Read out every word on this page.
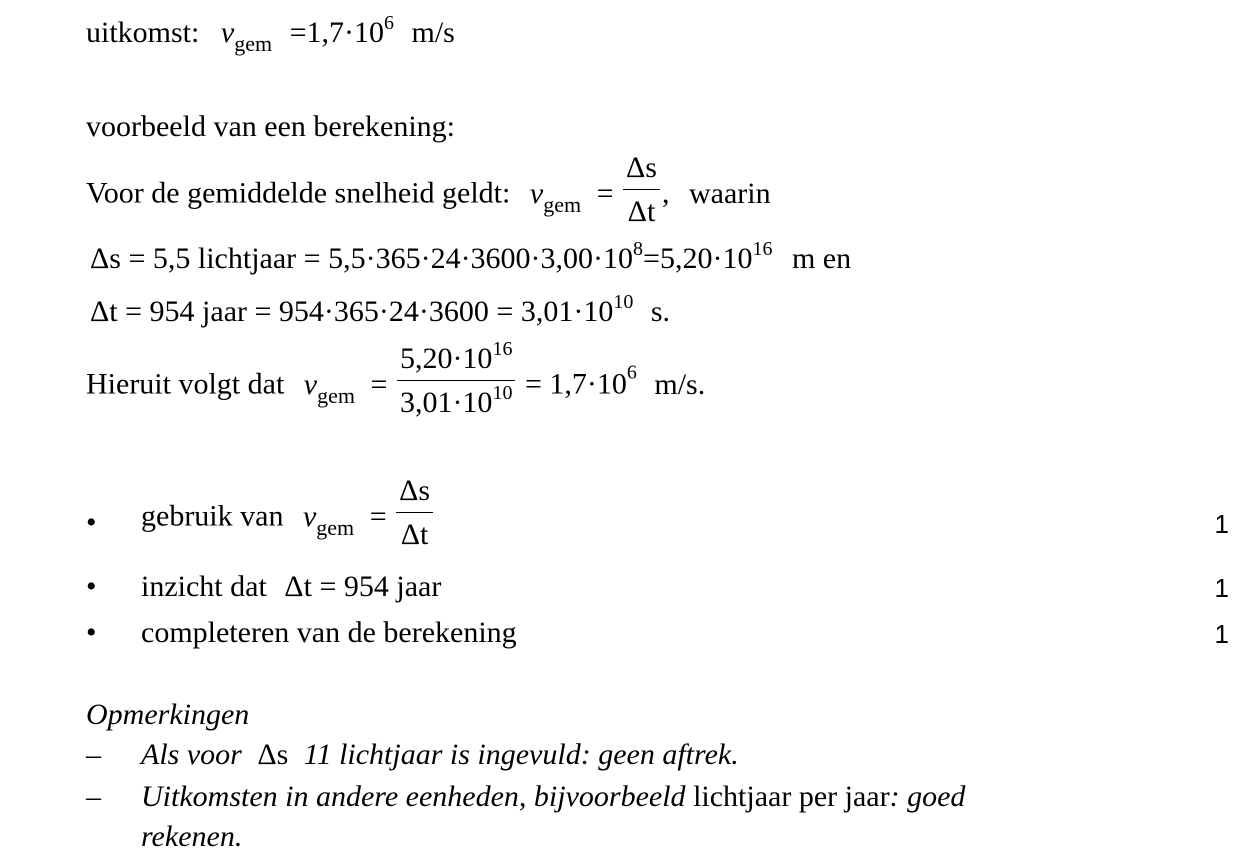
uitkomst: $v_{gem} =1,7\cdot 10^6$ m/s
voorbeeld van een berekening:
Voor de gemiddelde snelheid geldt: $v_{gem} = \frac{\Delta s}{\Delta t}$ , waarin
Δs = 5,5 lichtjaar = $5,5\cdot 365\cdot 24\cdot 3600\cdot 3,00\cdot 10^8=5,20\cdot 10^{16}$ m en
Δt = 954 jaar = $954\cdot 365\cdot 24\cdot 3600 = 3,01\cdot 10^{10}$ s.
Hieruit volgt dat $v_{gem} = \frac{5,20\cdot 10^{16}}{3,01\cdot 10^{10}} = 1,7\cdot 10^6$ m/s.
• gebruik van $v_{gem} = \frac{\Delta s}{\Delta t}$	1
• inzicht dat Δt = 954 jaar	1
• completeren van de berekening	1
Opmerkingen
– Als voor Δs 11 lichtjaar is ingevuld: geen aftrek.
– Uitkomsten in andere eenheden, bijvoorbeeld lichtjaar per jaar: goed
rekenen.
